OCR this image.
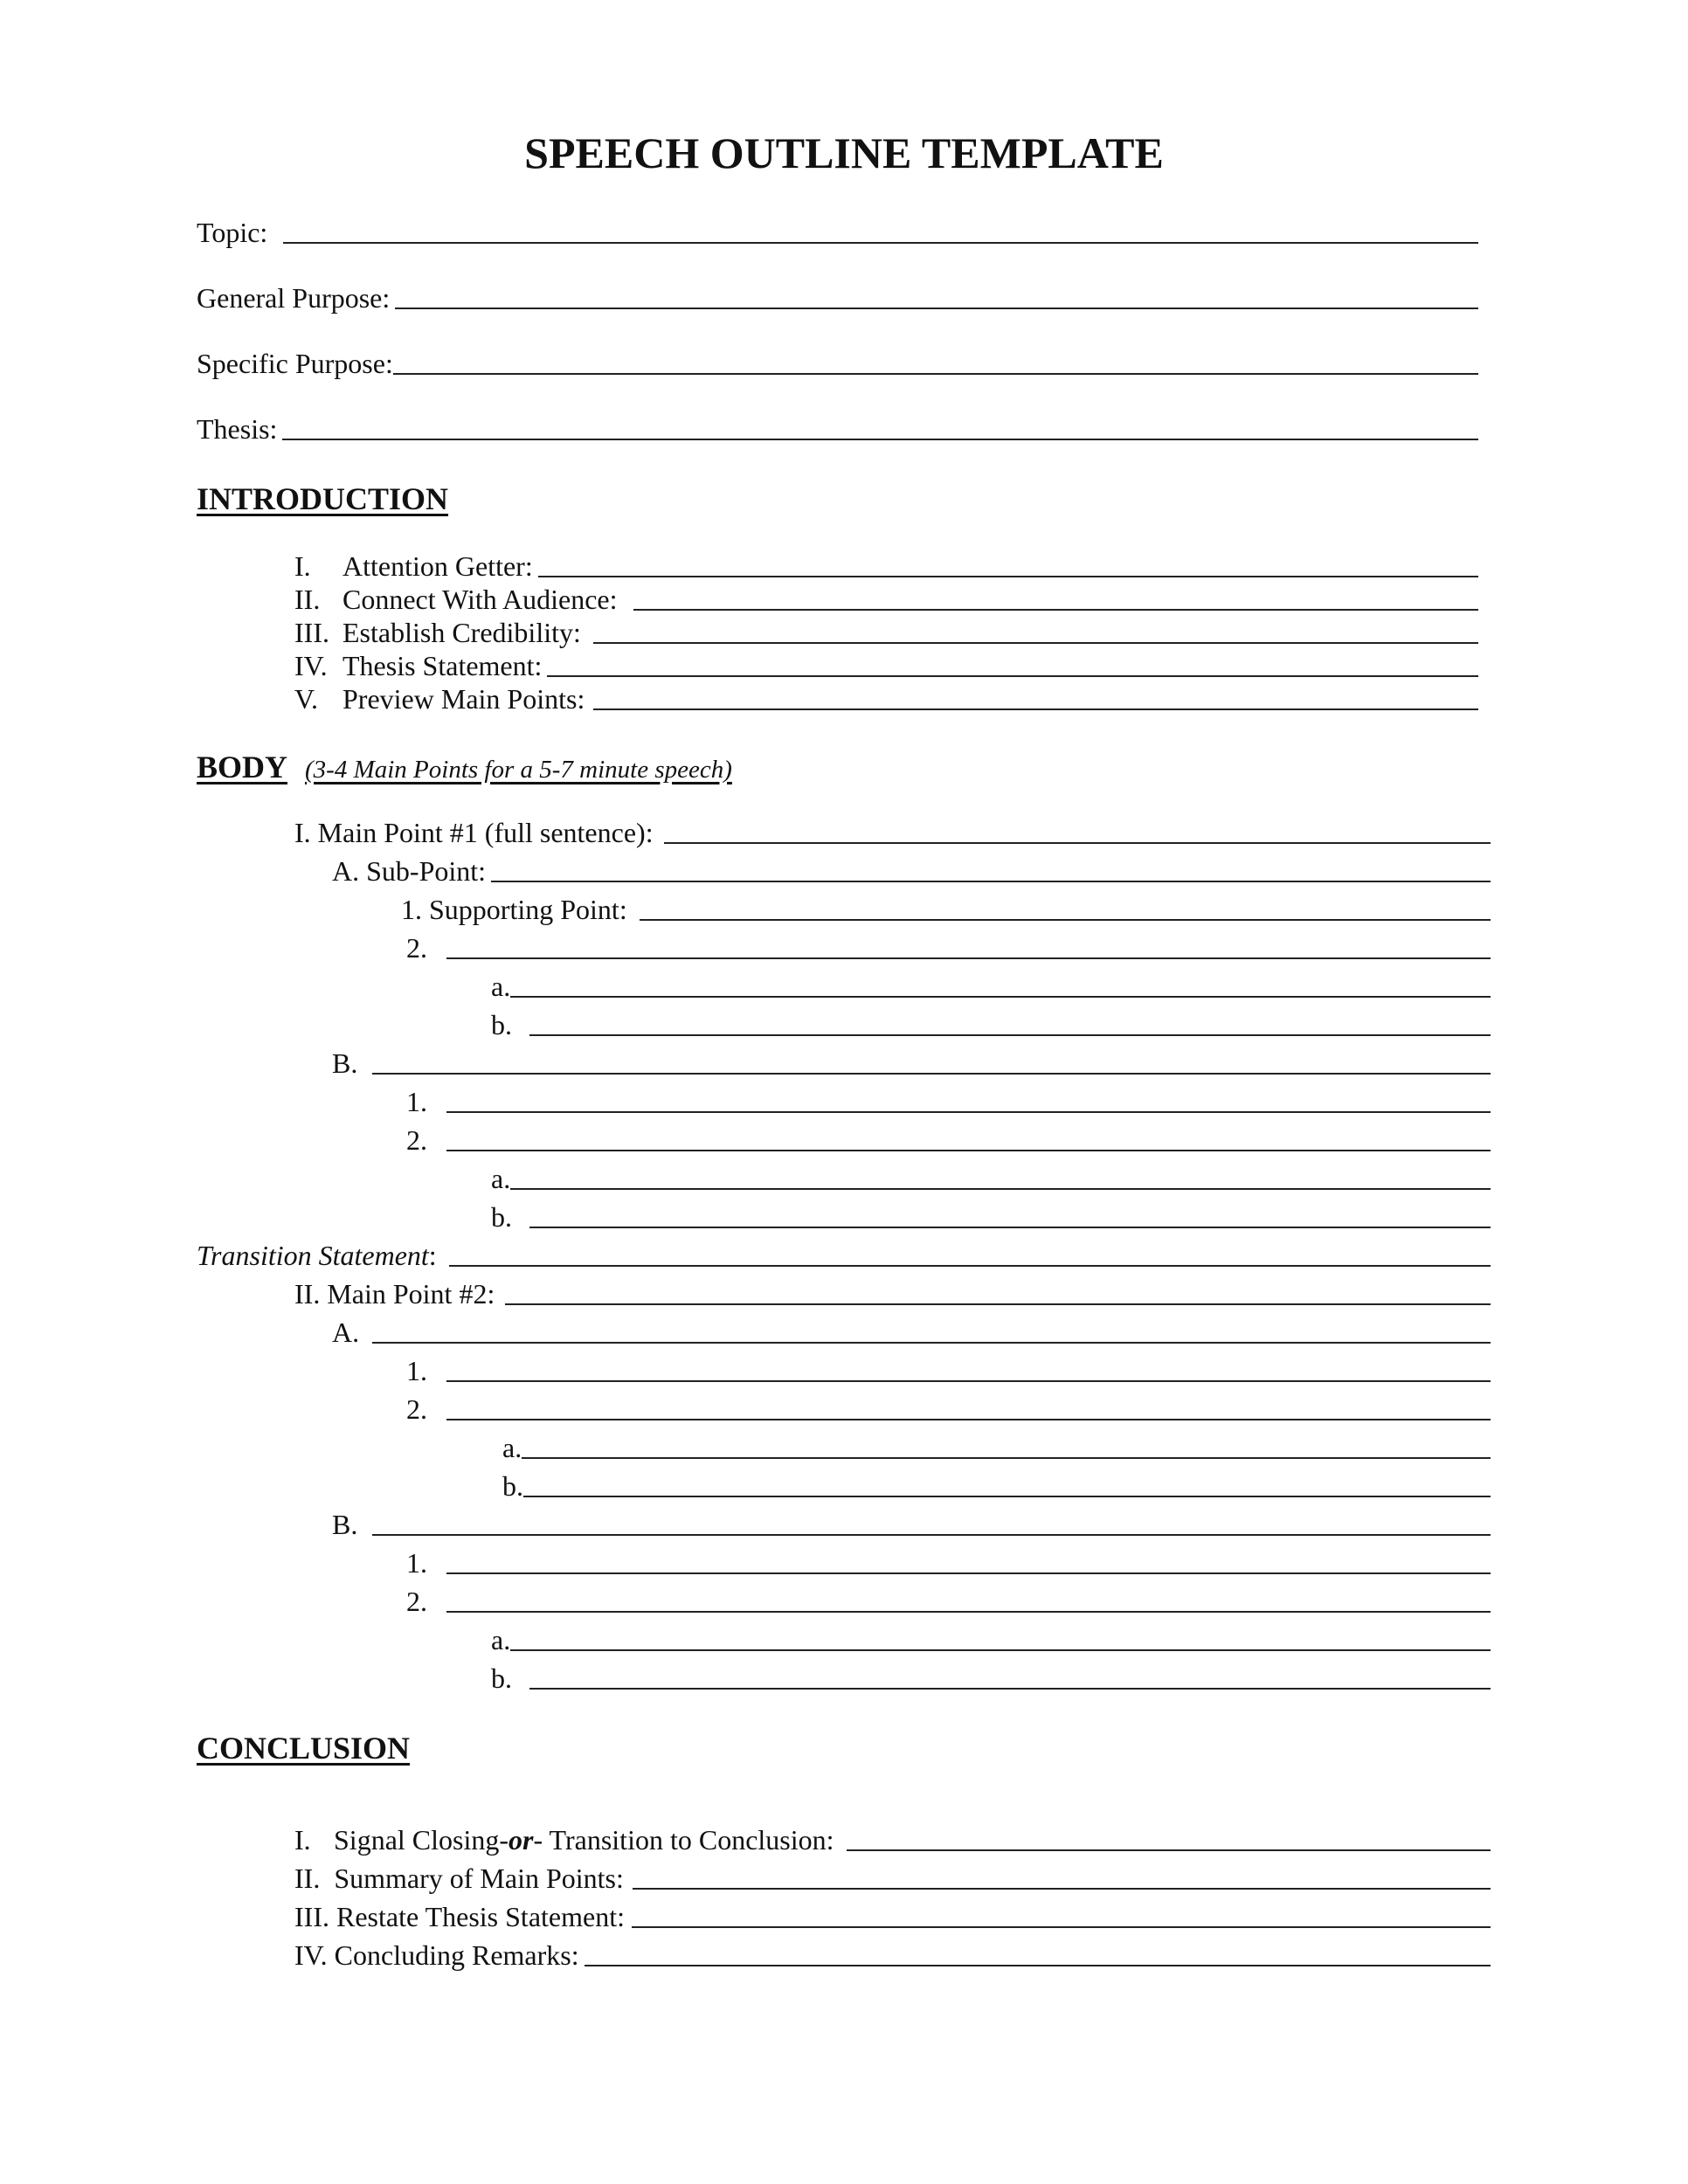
SPEECH OUTLINE TEMPLATE
Topic:
General Purpose:
Specific Purpose:
Thesis:
INTRODUCTION
I.	Attention Getter:
II. Connect With Audience:
III. Establish Credibility:
IV. Thesis Statement:
V. Preview Main Points:
BODY (3-4 Main Points for a 5-7 minute speech)
I. Main Point #1 (full sentence):
A. Sub-Point:
1. Supporting Point:
2.
a.
b.
B.
1.
2.
a.
b.
Transition Statement :
II. Main Point #2:
A.
1.
2.
a.
b.
B.
1.
2.
a.
b.
CONCLUSION
I. Signal Closing- or - Transition to Conclusion:
II.  Summary of Main Points:
III. Restate Thesis Statement:
IV. Concluding Remarks:
